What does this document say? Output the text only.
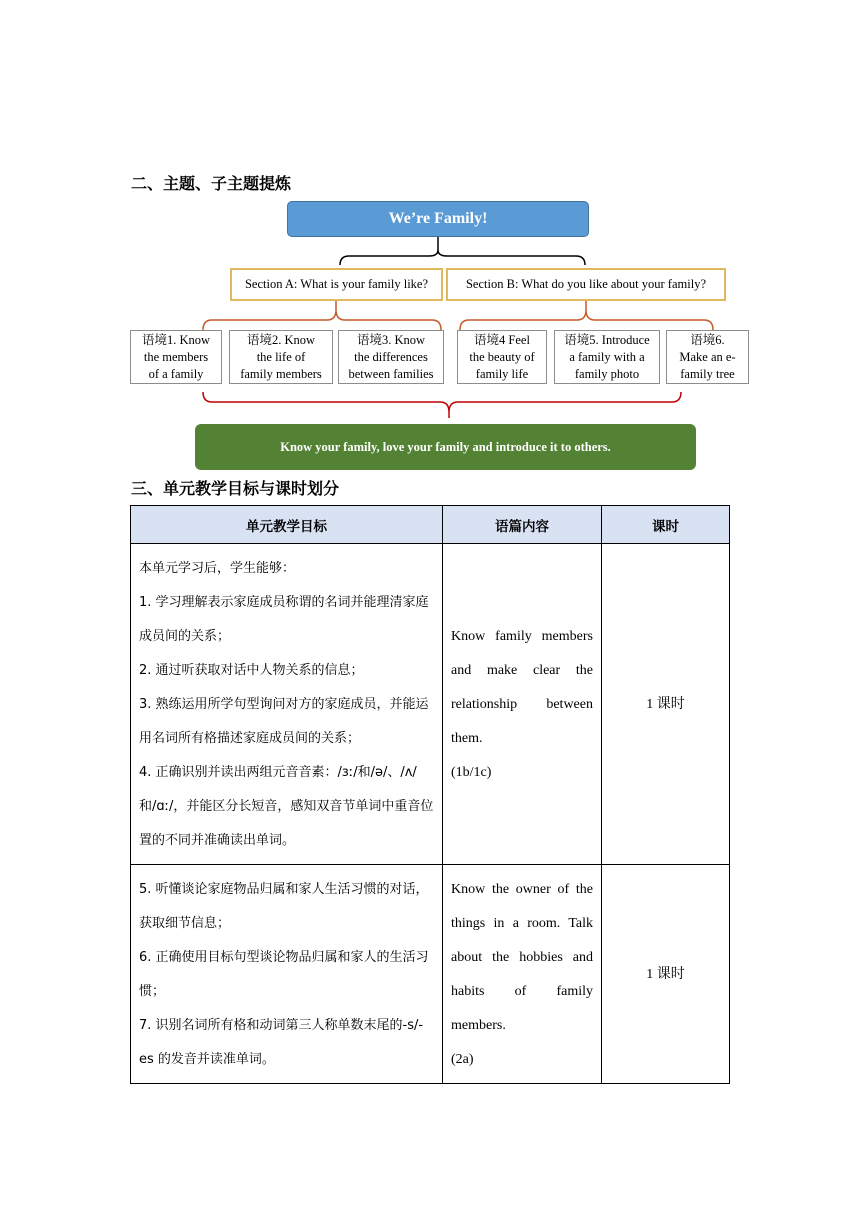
二、主题、子主题提炼
We’re Family!
Section A: What is your family like?	Section B: What do you like about your family?
语境1. Know
the members
of a family
语境2. Know
the life of
family members
语境3. Know
the differences
between families
语境4 Feel
the beauty of
family life
语境5. Introduce
a family with a
family photo
语境6.
Make an e-
family tree
Know your family, love your family and introduce it to others.
三、单元教学目标与课时划分
单元教学目标	语篇内容	课时

本单元学习后，学生能够：
1. 学习理解表示家庭成员称谓的名词并能理清家庭成员间的关系；
2. 通过听获取对话中人物关系的信息；
3. 熟练运用所学句型询问对方的家庭成员，并能运用名词所有格描述家庭成员间的关系；
4. 正确识别并读出两组元音音素：/ɜː/和/ə/、/ʌ/和/ɑː/，并能区分长短音，感知双音节单词中重音位置的不同并准确读出单词。	Know family members and make clear the relationship between them.
(1b/1c)	1 课时

5. 听懂谈论家庭物品归属和家人生活习惯的对话，获取细节信息；
6. 正确使用目标句型谈论物品归属和家人的生活习惯；
7. 识别名词所有格和动词第三人称单数末尾的-s/-es 的发音并读准单词。	Know the owner of the things in a room. Talk about the hobbies and habits of family members.
(2a)	1 课时
